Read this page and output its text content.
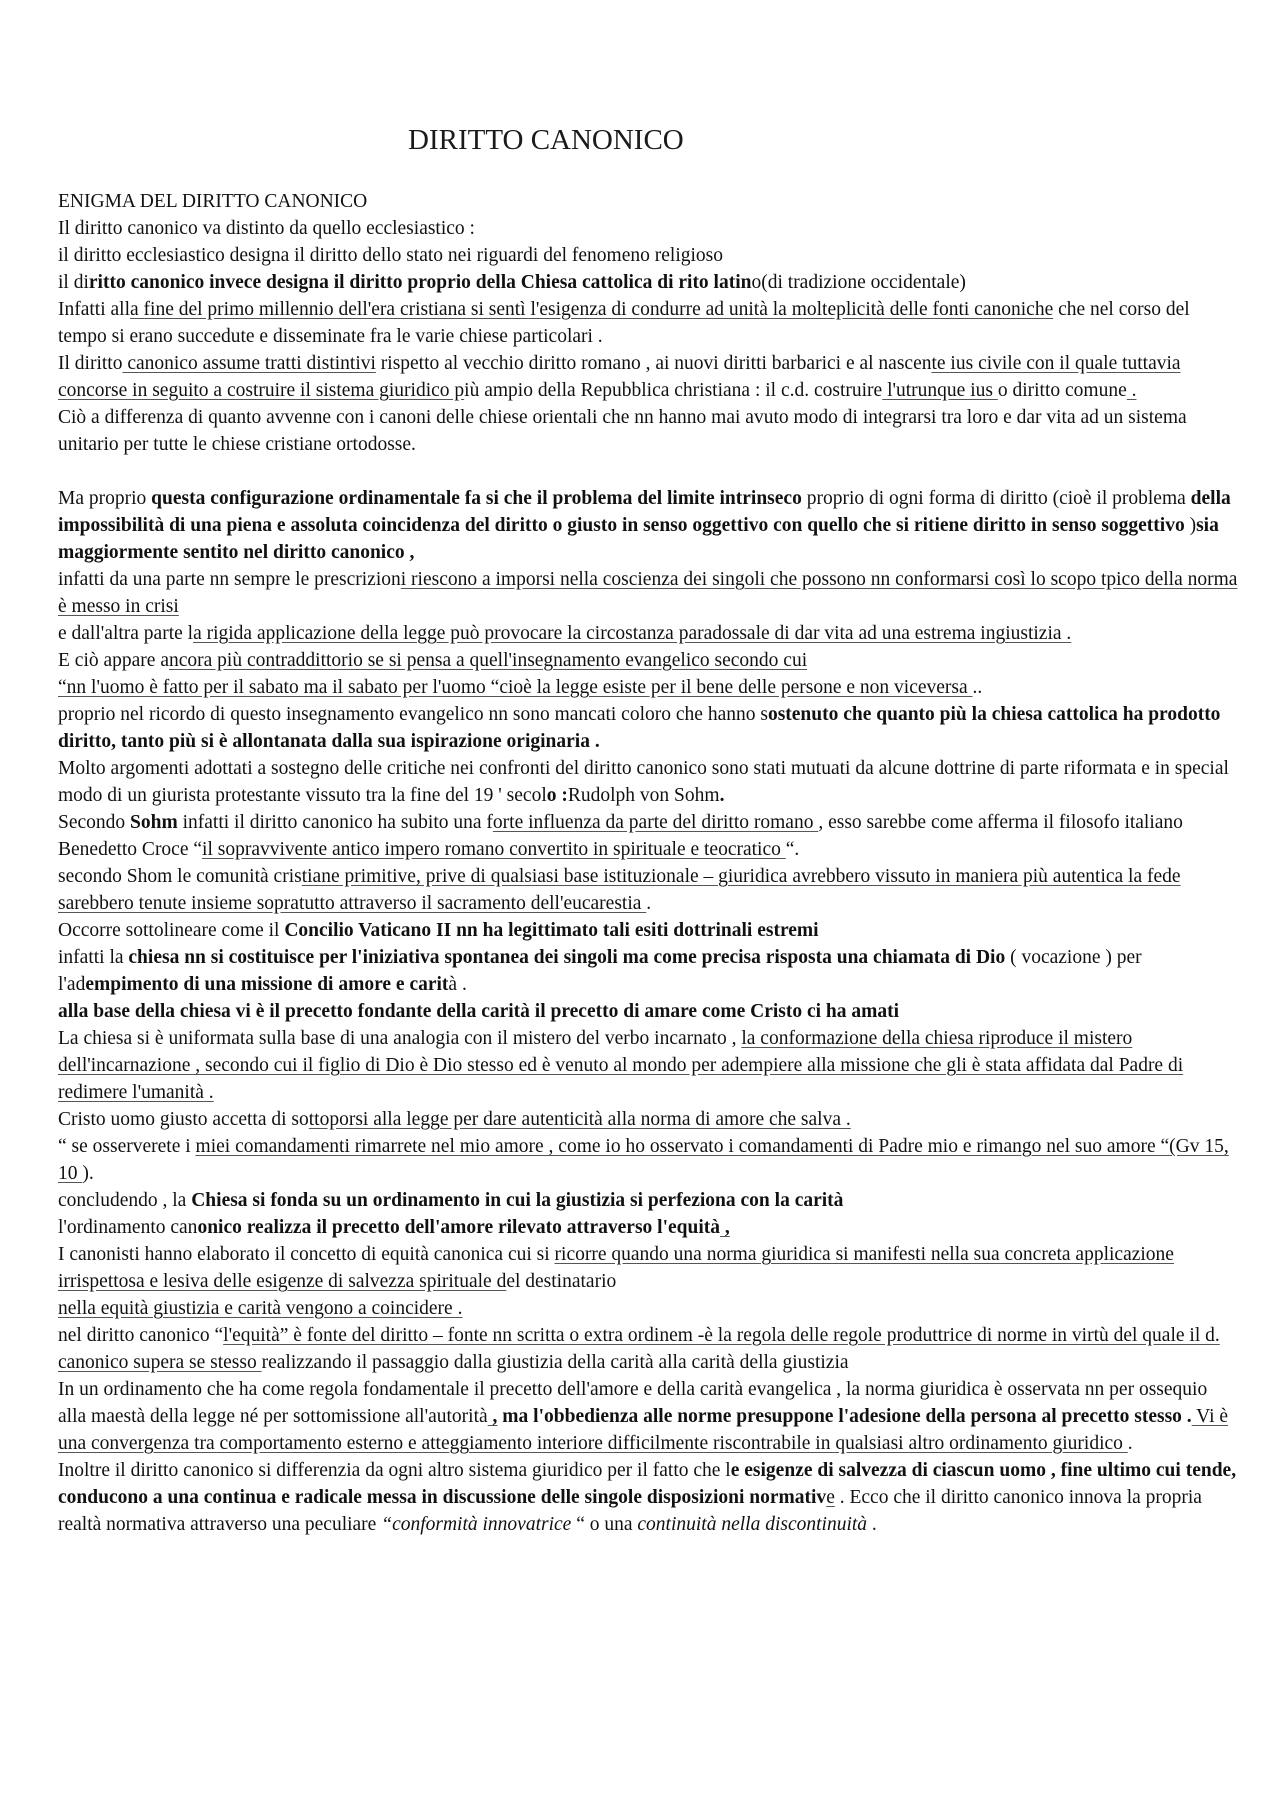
DIRITTO CANONICO

ENIGMA DEL DIRITTO CANONICO

Il diritto canonico va distinto da quello ecclesiastico :

il diritto ecclesiastico designa il diritto dello stato nei riguardi del fenomeno religioso

il diritto canonico invece designa il diritto proprio della Chiesa cattolica di rito latino(di tradizione occidentale)

Infatti alla fine del primo millennio dell'era cristiana si sentì l'esigenza di condurre ad unità la molteplicità delle fonti canoniche che nel corso del tempo si erano succedute e disseminate fra le varie chiese particolari .

Il diritto canonico assume tratti distintivi rispetto al vecchio diritto romano , ai nuovi diritti barbarici e al nascente ius civile con il quale tuttavia concorse in seguito a costruire il sistema giuridico più ampio della Repubblica christiana : il c.d. costruire l'utrunque ius o diritto comune .

Ciò a differenza di quanto avvenne con i canoni delle chiese orientali che nn hanno mai avuto modo di integrarsi tra loro e dar vita ad un sistema unitario per tutte le chiese cristiane ortodosse.

Ma proprio questa configurazione ordinamentale fa si che il problema del limite intrinseco proprio di ogni forma di diritto (cioè il problema della impossibilità di una piena e assoluta coincidenza del diritto o giusto in senso oggettivo con quello che si ritiene diritto in senso soggettivo )sia maggiormente sentito nel diritto canonico ,

infatti da una parte nn sempre le prescrizioni riescono a imporsi nella coscienza dei singoli che possono nn conformarsi così lo scopo tpico della norma è messo in crisi

e dall'altra parte la rigida applicazione della legge può provocare la circostanza paradossale di dar vita ad una estrema ingiustizia .

E ciò appare ancora più contraddittorio se si pensa a quell'insegnamento evangelico secondo cui

“nn l'uomo è fatto per il sabato ma il sabato per l'uomo “cioè la legge esiste per il bene delle persone e non viceversa ..

proprio nel ricordo di questo insegnamento evangelico nn sono mancati coloro che hanno sostenuto che quanto più la chiesa cattolica ha prodotto diritto, tanto più si è allontanata dalla sua ispirazione originaria .

Molto argomenti adottati a sostegno delle critiche nei confronti del diritto canonico sono stati mutuati da alcune dottrine di parte riformata e in special modo di un giurista protestante vissuto tra la fine del 19 ' secolo :Rudolph von Sohm.

Secondo Sohm infatti il diritto canonico ha subito una forte influenza da parte del diritto romano , esso sarebbe come afferma il filosofo italiano Benedetto Croce “il sopravvivente antico impero romano convertito in spirituale e teocratico “.

secondo Shom le comunità cristiane primitive, prive di qualsiasi base istituzionale – giuridica avrebbero vissuto in maniera più autentica la fede sarebbero tenute insieme sopratutto attraverso il sacramento dell'eucarestia .

Occorre sottolineare come il Concilio Vaticano II nn ha legittimato tali esiti dottrinali estremi

infatti la chiesa nn si costituisce per l'iniziativa spontanea dei singoli ma come precisa risposta una chiamata di Dio ( vocazione ) per l'adempimento di una missione di amore e carità .

alla base della chiesa vi è il precetto fondante della carità il precetto di amare come Cristo ci ha amati

La chiesa si è uniformata sulla base di una analogia con il mistero del verbo incarnato , la conformazione della chiesa riproduce il mistero dell'incarnazione , secondo cui il figlio di Dio è Dio stesso ed è venuto al mondo per adempiere alla missione che gli è stata affidata dal Padre di redimere l'umanità .

Cristo uomo giusto accetta di sottoporsi alla legge per dare autenticità alla norma di amore che salva .

“ se osserverete i miei comandamenti rimarrete nel mio amore , come io ho osservato i comandamenti di Padre mio e rimango nel suo amore “(Gv 15, 10 ).

concludendo , la Chiesa si fonda su un ordinamento in cui la giustizia si perfeziona con la carità

l'ordinamento canonico realizza il precetto dell'amore rilevato attraverso l'equità ,

I canonisti hanno elaborato il concetto di equità canonica cui si ricorre quando una norma giuridica si manifesti nella sua concreta applicazione irrispettosa e lesiva delle esigenze di salvezza spirituale del destinatario

nella equità giustizia e carità vengono a coincidere .

nel diritto canonico “l'equità” è fonte del diritto – fonte nn scritta o extra ordinem -è la regola delle regole produttrice di norme in virtù del quale il d. canonico supera se stesso realizzando il passaggio dalla giustizia della carità alla carità della giustizia

In un ordinamento che ha come regola fondamentale il precetto dell'amore e della carità evangelica , la norma giuridica è osservata nn per ossequio alla maestà della legge né per sottomissione all'autorità , ma l'obbedienza alle norme presuppone l'adesione della persona al precetto stesso . Vi è una convergenza tra comportamento esterno e atteggiamento interiore difficilmente riscontrabile in qualsiasi altro ordinamento giuridico .

Inoltre il diritto canonico si differenzia da ogni altro sistema giuridico per il fatto che le esigenze di salvezza di ciascun uomo , fine ultimo cui tende, conducono a una continua e radicale messa in discussione delle singole disposizioni normative . Ecco che il diritto canonico innova la propria realtà normativa attraverso una peculiare “conformità innovatrice “ o una continuità nella discontinuità .
